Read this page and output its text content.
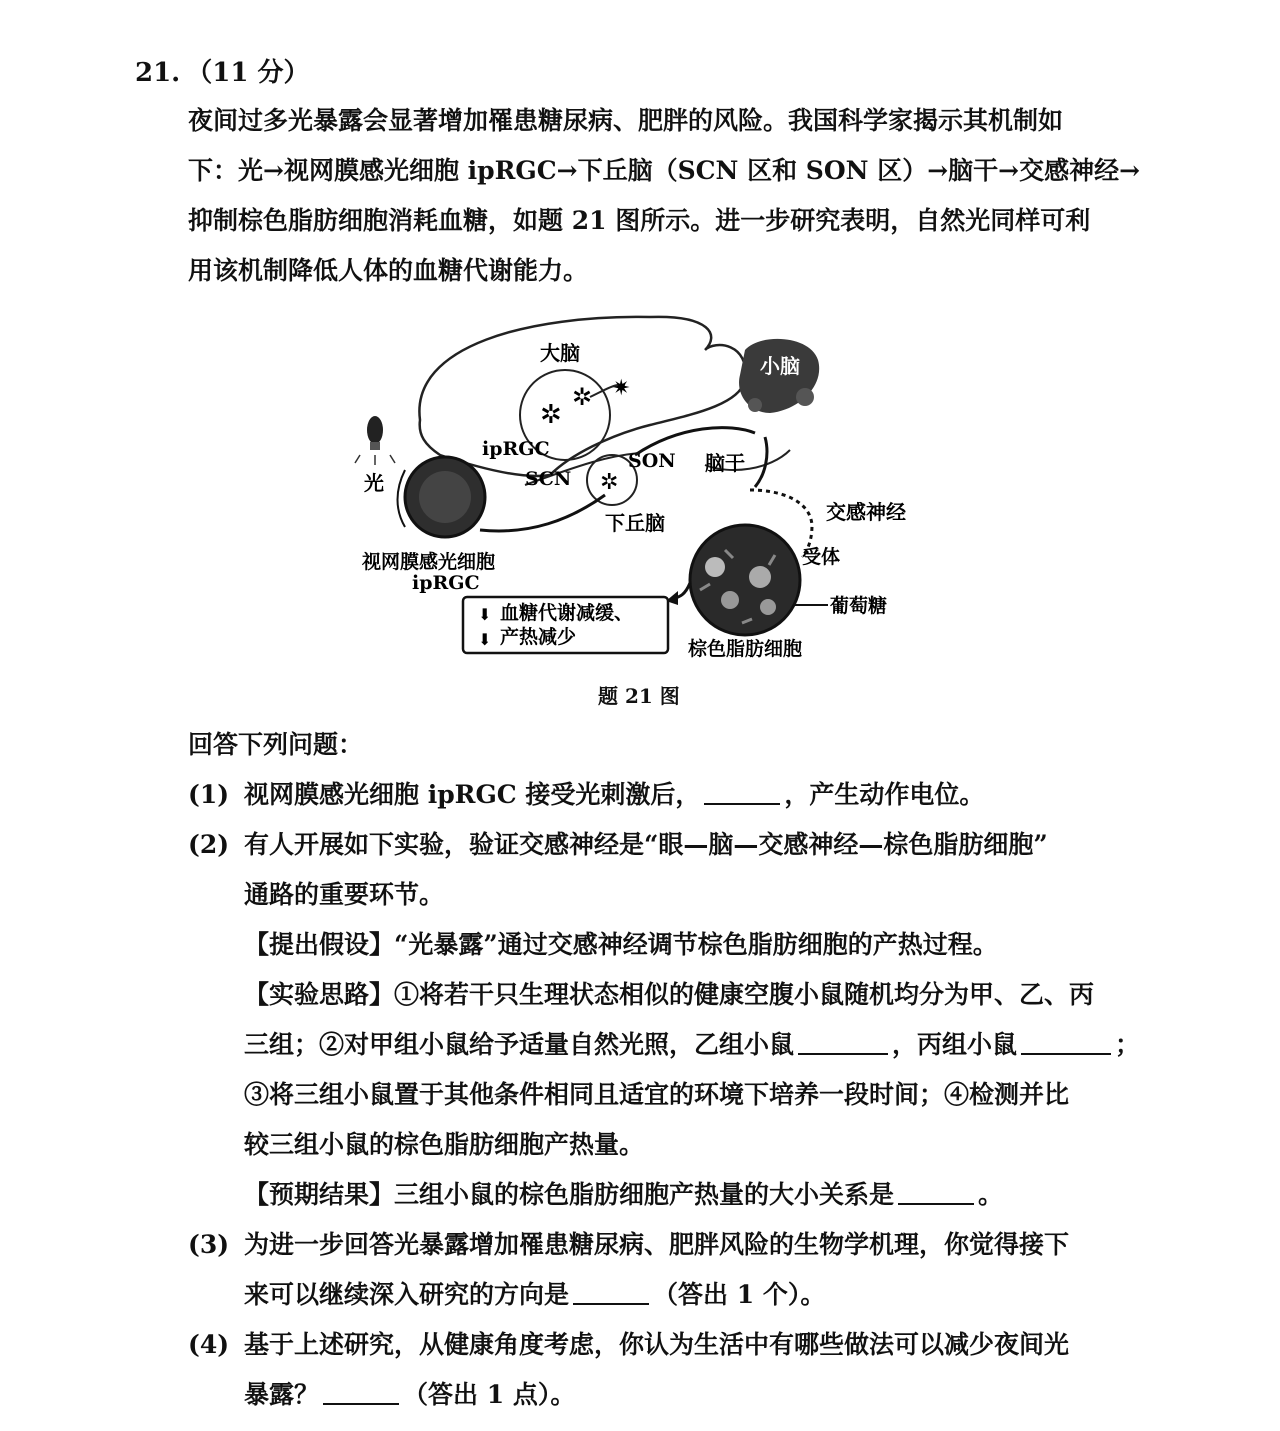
21. （11 分）

夜间过多光暴露会显著增加罹患糖尿病、肥胖的风险。我国科学家揭示其机制如

下：光→视网膜感光细胞 ipRGC→下丘脑（SCN 区和 SON 区）→脑干→交感神经→

抑制棕色脂肪细胞消耗血糖，如题 21 图所示。进一步研究表明，自然光同样可利

用该机制降低人体的血糖代谢能力。

小脑
大脑
✲
✲ ✷
✲
ipRGC
SCN
SON 脑干
下丘脑
光
视网膜感光细胞
ipRGC
交感神经
受体
葡萄糖
棕色脂肪细胞
⬇
⬇
血糖代谢减缓、
产热减少
题 21 图
回答下列问题：
(1) 视网膜感光细胞 ipRGC 接受光刺激后，	，产生动作电位。
(2) 有人开展如下实验，验证交感神经是“眼—脑—交感神经—棕色脂肪细胞”
通路的重要环节。
【提出假设】“光暴露”通过交感神经调节棕色脂肪细胞的产热过程。
【实验思路】①将若干只生理状态相似的健康空腹小鼠随机均分为甲、乙、丙
三组；②对甲组小鼠给予适量自然光照，乙组小鼠	，丙组小鼠	；
③将三组小鼠置于其他条件相同且适宜的环境下培养一段时间；④检测并比
较三组小鼠的棕色脂肪细胞产热量。
【预期结果】三组小鼠的棕色脂肪细胞产热量的大小关系是	。
(3) 为进一步回答光暴露增加罹患糖尿病、肥胖风险的生物学机理，你觉得接下
来可以继续深入研究的方向是	（答出 1 个）。
(4) 基于上述研究，从健康角度考虑，你认为生活中有哪些做法可以减少夜间光
暴露？	（答出 1 点）。
